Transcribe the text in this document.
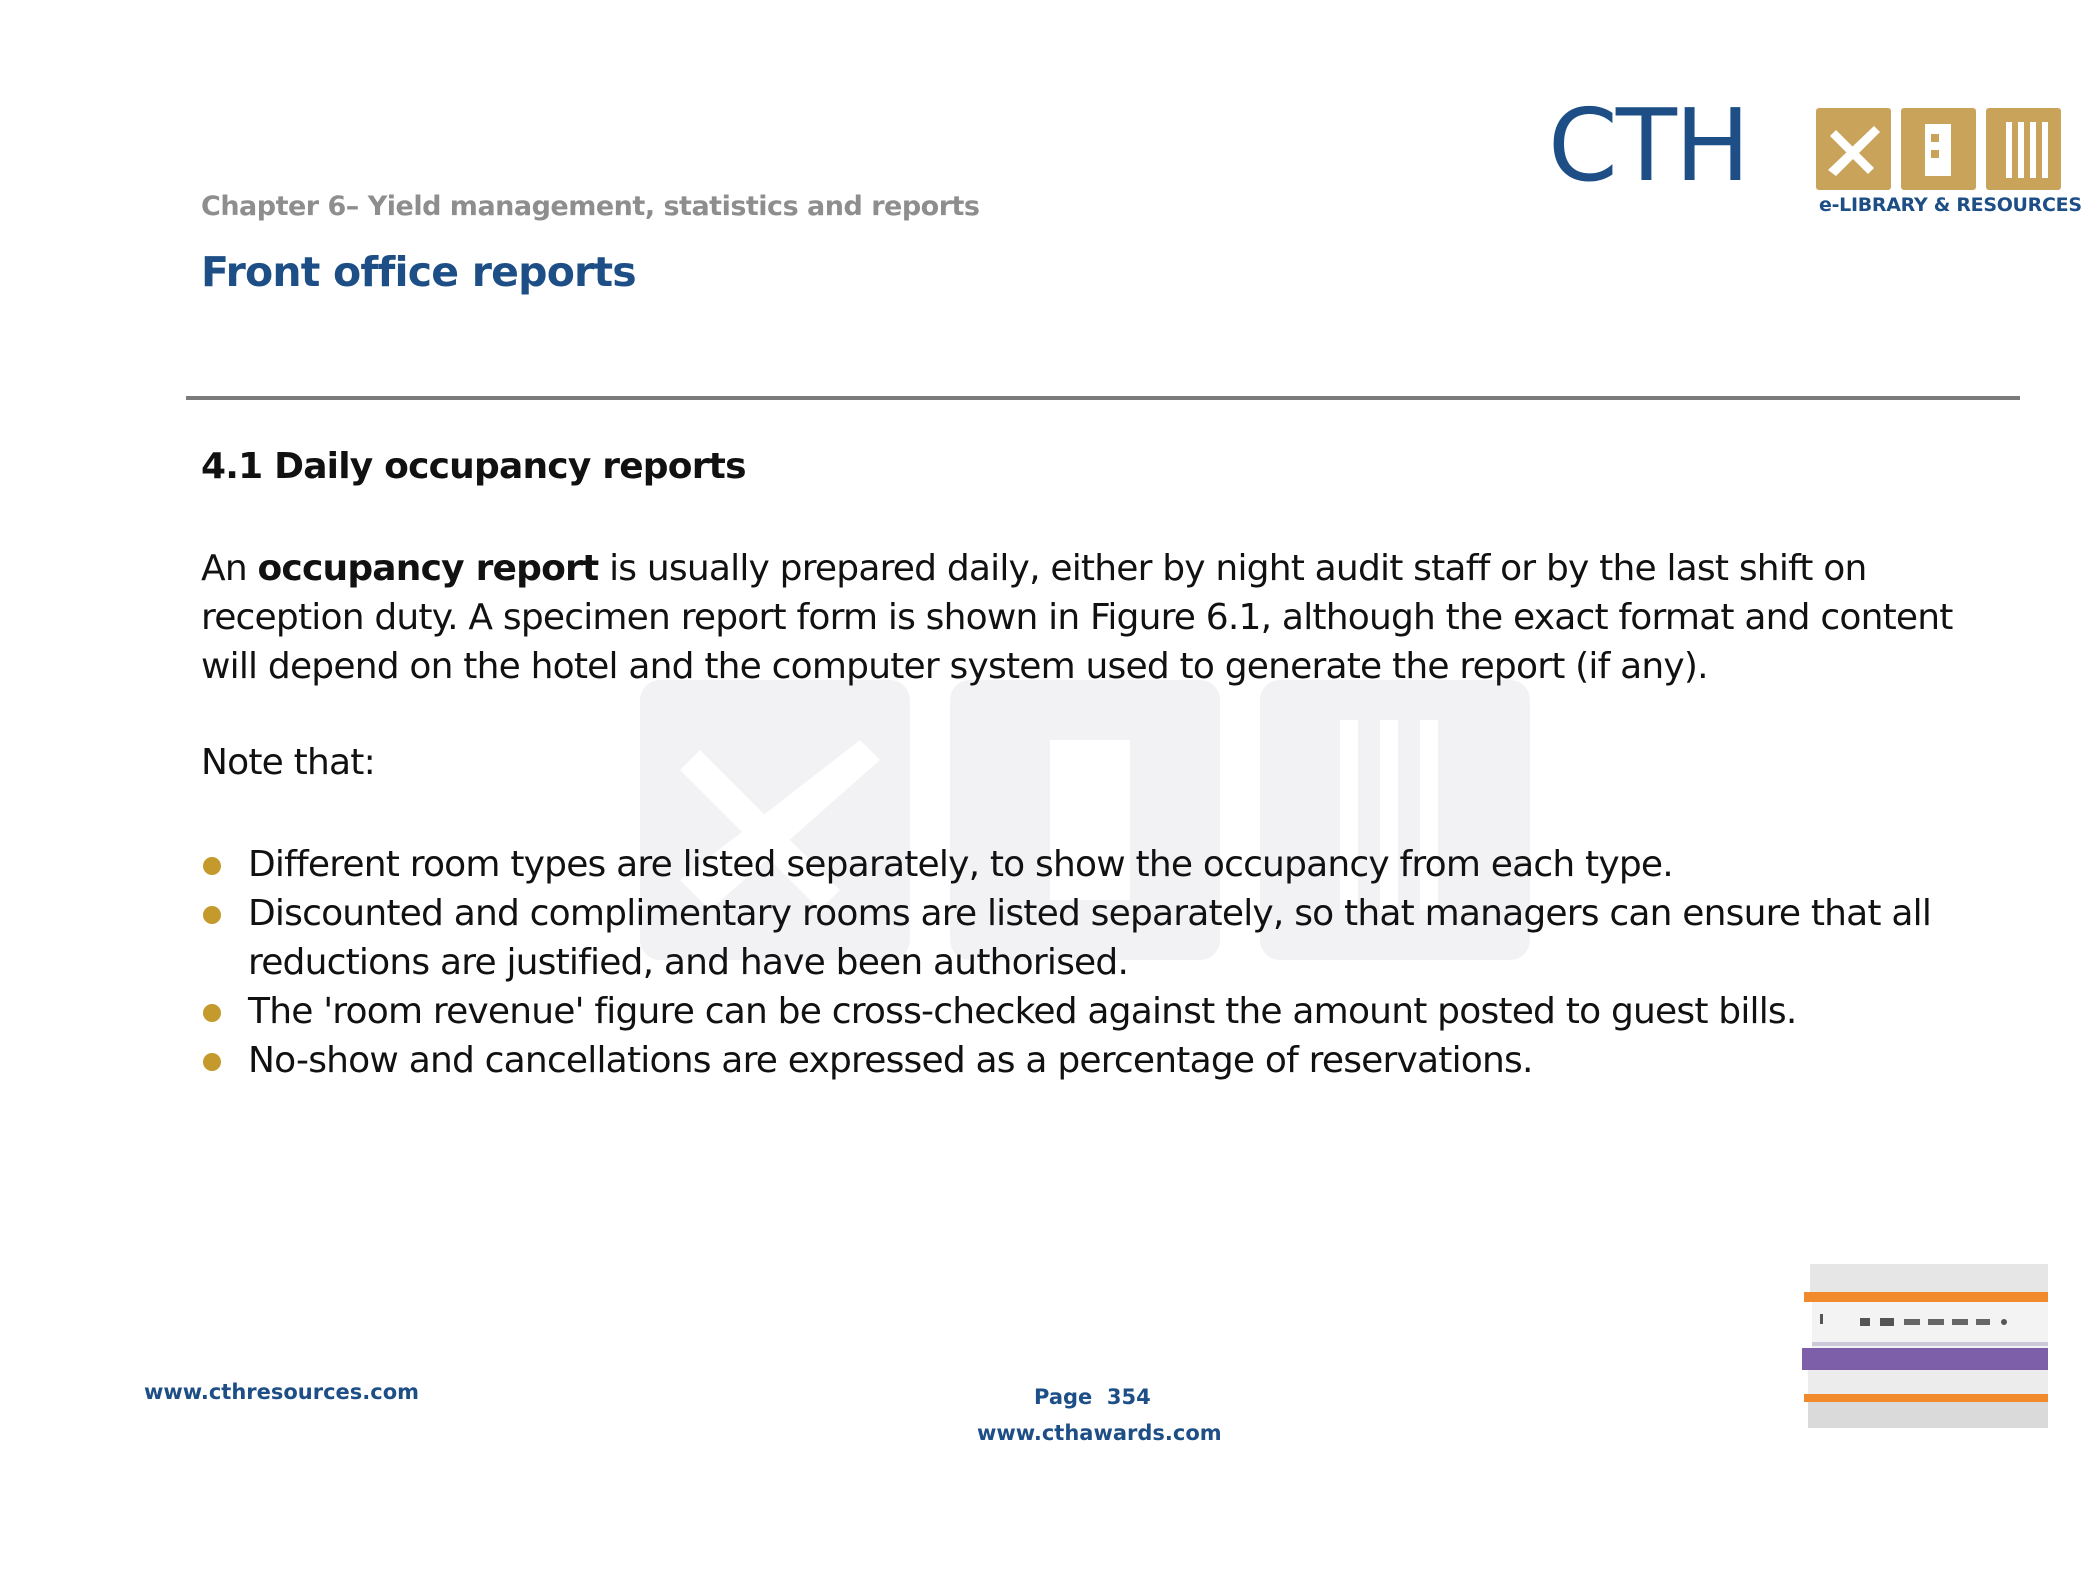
Chapter 6– Yield management, statistics and reports
Front office reports
CTH
e-LIBRARY & RESOURCES
4.1 Daily occupancy reports
An occupancy report is usually prepared daily, either by night audit staff or by the last shift on reception duty. A specimen report form is shown in Figure 6.1, although the exact format and content will depend on the hotel and the computer system used to generate the report (if any).
Note that:
Different room types are listed separately, to show the occupancy from each type.
Discounted and complimentary rooms are listed separately, so that managers can ensure that all reductions are justified, and have been authorised.
The 'room revenue' figure can be cross-checked against the amount posted to guest bills.
No-show and cancellations are expressed as a percentage of reservations.
www.cthresources.com	Page  354
www.cthawards.com
